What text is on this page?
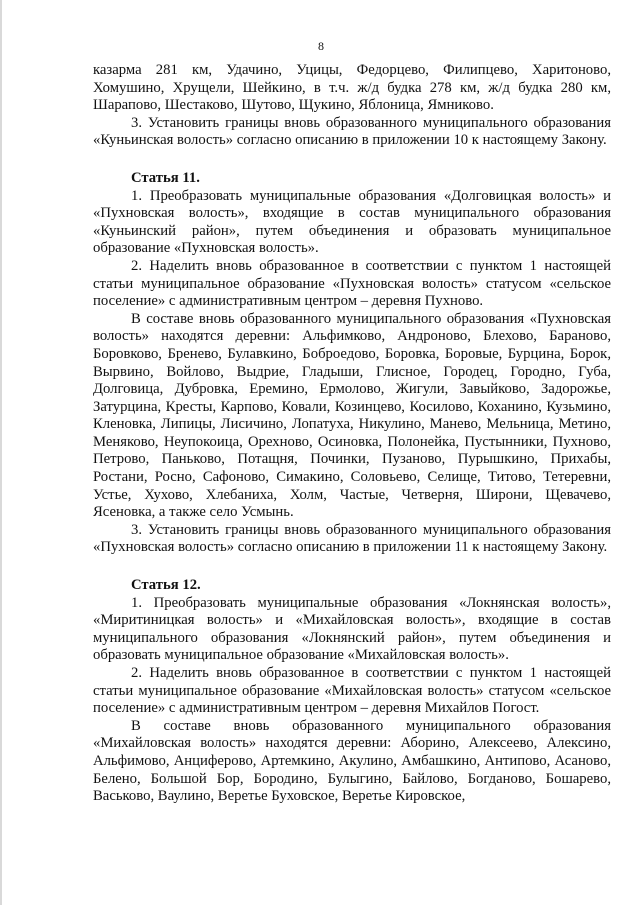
8

казарма 281 км, Удачино, Уцицы, Федорцево, Филипцево, Харитоново, Хомушино, Хрущели, Шейкино, в т.ч. ж/д будка 278 км, ж/д будка 280 км, Шарапово, Шестаково, Шутово, Щукино, Яблоница, Ямниково.

3. Установить границы вновь образованного муниципального образования «Куньинская волость» согласно описанию в приложении 10 к настоящему Закону.

Статья 11.

1. Преобразовать муниципальные образования «Долговицкая волость» и «Пухновская волость», входящие в состав муниципального образования «Куньинский район», путем объединения и образовать муниципальное образование «Пухновская волость».

2. Наделить вновь образованное в соответствии с пунктом 1 настоящей статьи муниципальное образование «Пухновская волость» статусом «сельское поселение» с административным центром – деревня Пухново.

В составе вновь образованного муниципального образования «Пухновская волость» находятся деревни: Альфимково, Андроново, Блехово, Бараново, Боровково, Бренево, Булавкино, Боброедово, Боровка, Боровые, Бурцина, Борок, Вырвино, Войлово, Выдрие, Гладыши, Глисное, Городец, Городно, Губа, Долговица, Дубровка, Еремино, Ермолово, Жигули, Завыйково, Задорожье, Затурцина, Кресты, Карпово, Ковали, Козинцево, Косилово, Коханино, Кузьмино, Кленовка, Липицы, Лисичино, Лопатуха, Никулино, Манево, Мельница, Метино, Меняково, Неупокоица, Орехново, Осиновка, Полонейка, Пустынники, Пухново, Петрово, Паньково, Потащня, Починки, Пузаново, Пурышкино, Прихабы, Ростани, Росно, Сафоново, Симакино, Соловьево, Селище, Титово, Тетеревни, Устье, Хухово, Хлебаниха, Холм, Частые, Четверня, Широни, Щевачево, Ясеновка, а также село Усмынь.

3. Установить границы вновь образованного муниципального образования «Пухновская волость» согласно описанию в приложении 11 к настоящему Закону.

Статья 12.

1. Преобразовать муниципальные образования «Локнянская волость», «Миритиницкая волость» и «Михайловская волость», входящие в состав муниципального образования «Локнянский район», путем объединения и образовать муниципальное образование «Михайловская волость».

2. Наделить вновь образованное в соответствии с пунктом 1 настоящей статьи муниципальное образование «Михайловская волость» статусом «сельское поселение» с административным центром – деревня Михайлов Погост.

В составе вновь образованного муниципального образования «Михайловская волость» находятся деревни: Аборино, Алексеево, Алексино, Альфимово, Анциферово, Артемкино, Акулино, Амбашкино, Антипово, Асаново, Белено, Большой Бор, Бородино, Булыгино, Байлово, Богданово, Бошарево, Васьково, Ваулино, Веретье Буховское, Веретье Кировское,
